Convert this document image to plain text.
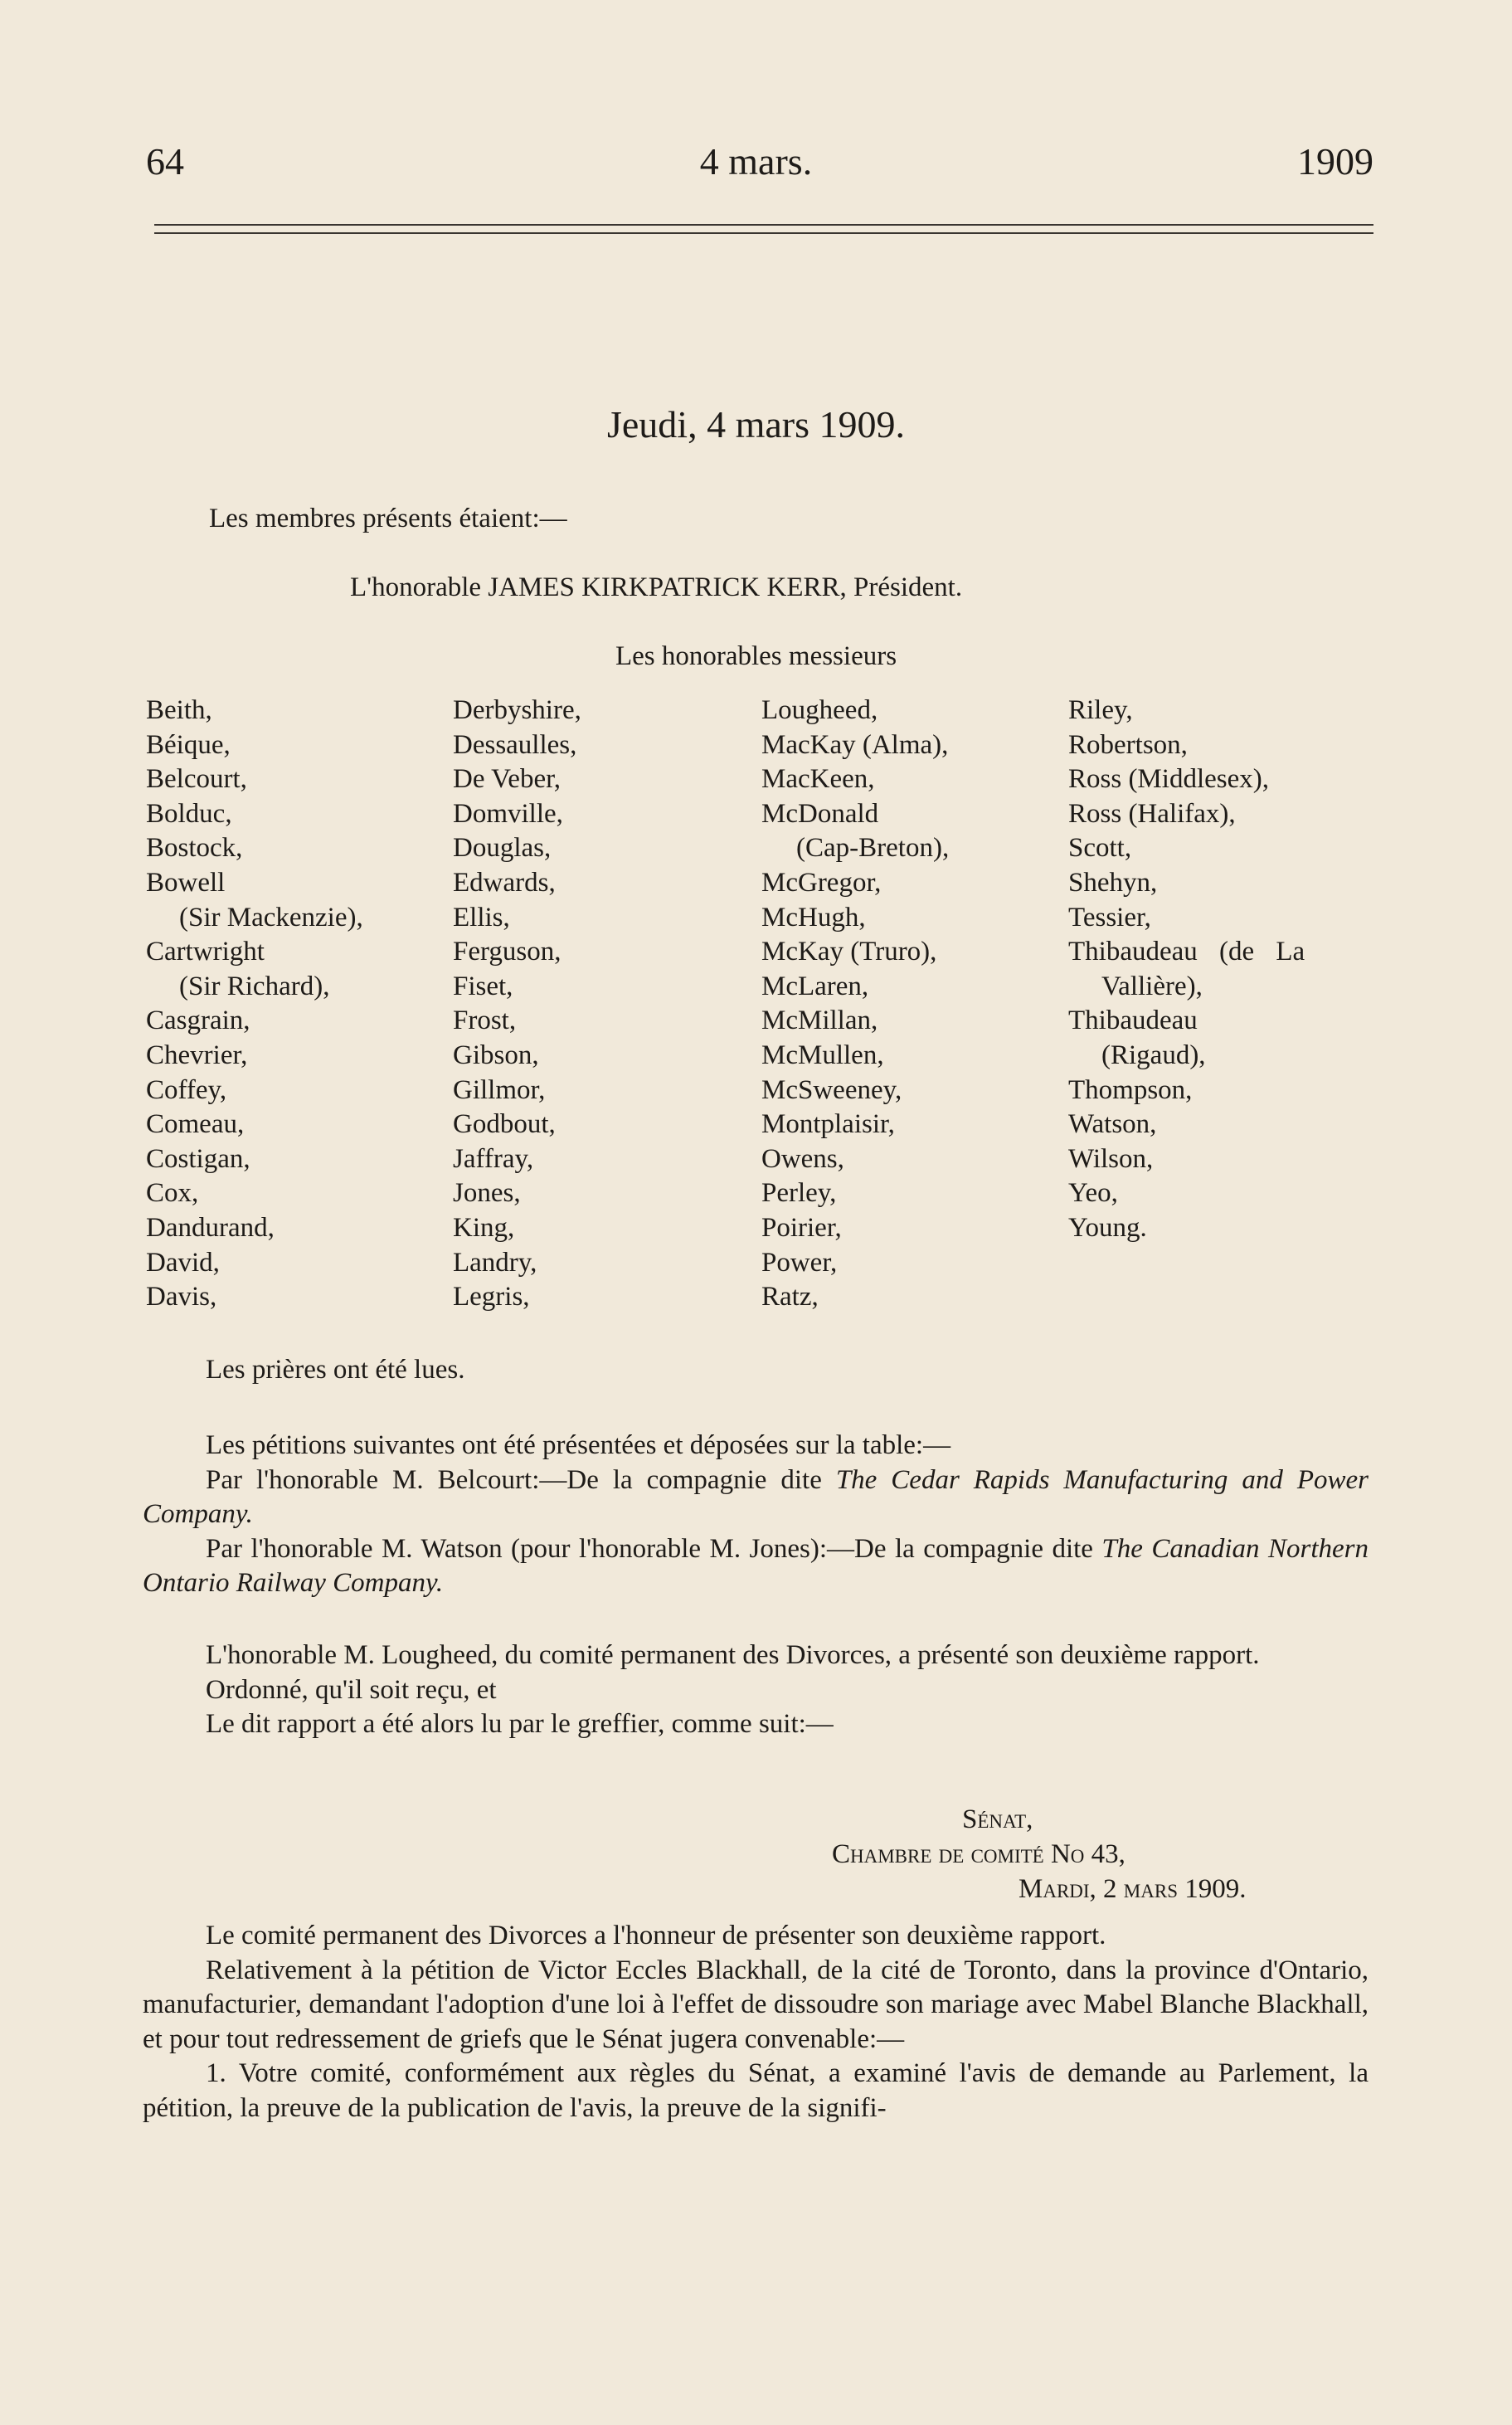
64	4 mars.	1909
Jeudi, 4 mars 1909.
Les membres présents étaient:—
L'honorable JAMES KIRKPATRICK KERR, Président.
Les honorables messieurs
Beith,
Béique,
Belcourt,
Bolduc,
Bostock,
Bowell
(Sir Mackenzie),
Cartwright
(Sir Richard),
Casgrain,
Chevrier,
Coffey,
Comeau,
Costigan,
Cox,
Dandurand,
David,
Davis,
Derbyshire,
Dessaulles,
De Veber,
Domville,
Douglas,
Edwards,
Ellis,
Ferguson,
Fiset,
Frost,
Gibson,
Gillmor,
Godbout,
Jaffray,
Jones,
King,
Landry,
Legris,
Lougheed,
MacKay (Alma),
MacKeen,
McDonald
(Cap-Breton),
McGregor,
McHugh,
McKay (Truro),
McLaren,
McMillan,
McMullen,
McSweeney,
Montplaisir,
Owens,
Perley,
Poirier,
Power,
Ratz,
Riley,
Robertson,
Ross (Middlesex),
Ross (Halifax),
Scott,
Shehyn,
Tessier,
Thibaudeau (de La
Vallière),
Thibaudeau
(Rigaud),
Thompson,
Watson,
Wilson,
Yeo,
Young.
Les prières ont été lues.

Les pétitions suivantes ont été présentées et déposées sur la table:—

Par l'honorable M. Belcourt:—De la compagnie dite The Cedar Rapids Manufacturing and Power Company.

Par l'honorable M. Watson (pour l'honorable M. Jones):—De la compagnie dite The Canadian Northern Ontario Railway Company.

L'honorable M. Lougheed, du comité permanent des Divorces, a présenté son deuxième rapport.

Ordonné, qu'il soit reçu, et

Le dit rapport a été alors lu par le greffier, comme suit:—

Sénat,
Chambre de comité No 43,
Mardi, 2 mars 1909.

Le comité permanent des Divorces a l'honneur de présenter son deuxième rapport.

Relativement à la pétition de Victor Eccles Blackhall, de la cité de Toronto, dans la province d'Ontario, manufacturier, demandant l'adoption d'une loi à l'effet de dissoudre son mariage avec Mabel Blanche Blackhall, et pour tout redressement de griefs que le Sénat jugera convenable:—

1. Votre comité, conformément aux règles du Sénat, a examiné l'avis de demande au Parlement, la pétition, la preuve de la publication de l'avis, la preuve de la signifi-
